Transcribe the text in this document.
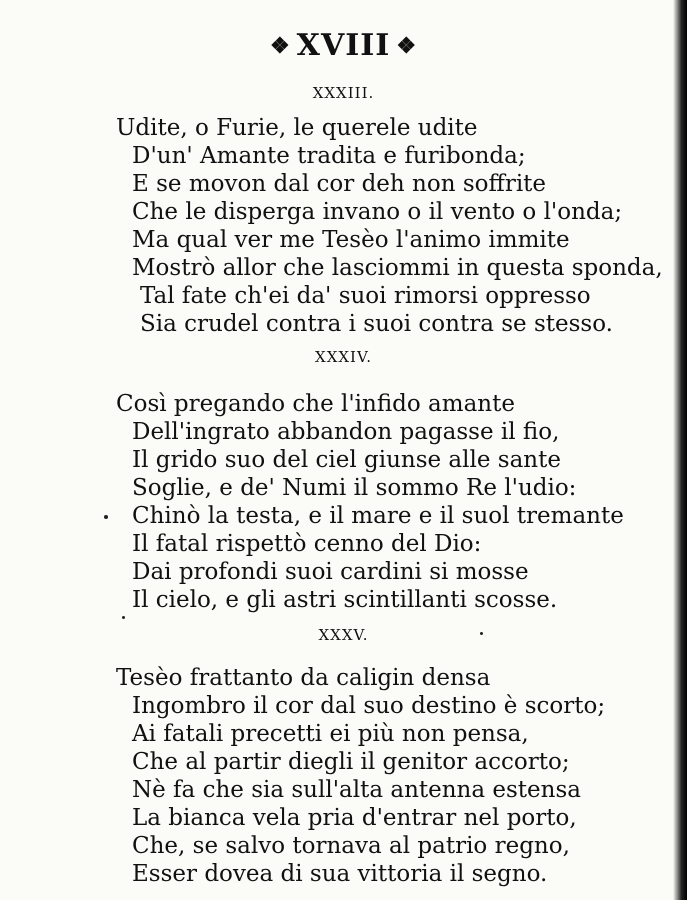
❖ XVIII ❖
XXXIII.
Udite, o Furie, le querele udite
D'un' Amante tradita e furibonda;
E se movon dal cor deh non soffrite
Che le disperga invano o il vento o l'onda;
Ma qual ver me Tesèo l'animo immite
Mostrò allor che lasciommi in questa sponda,
Tal fate ch'ei da' suoi rimorsi oppresso
Sia crudel contra i suoi contra se stesso.
XXXIV.
Così pregando che l'infido amante
Dell'ingrato abbandon pagasse il fio,
Il grido suo del ciel giunse alle sante
Soglie, e de' Numi il sommo Re l'udio:
Chinò la testa, e il mare e il suol tremante
Il fatal rispettò cenno del Dio:
Dai profondi suoi cardini si mosse
Il cielo, e gli astri scintillanti scosse.
XXXV.
Tesèo frattanto da caligin densa
Ingombro il cor dal suo destino è scorto;
Ai fatali precetti ei più non pensa,
Che al partir diegli il genitor accorto;
Nè fa che sia sull'alta antenna estensa
La bianca vela pria d'entrar nel porto,
Che, se salvo tornava al patrio regno,
Esser dovea di sua vittoria il segno.
